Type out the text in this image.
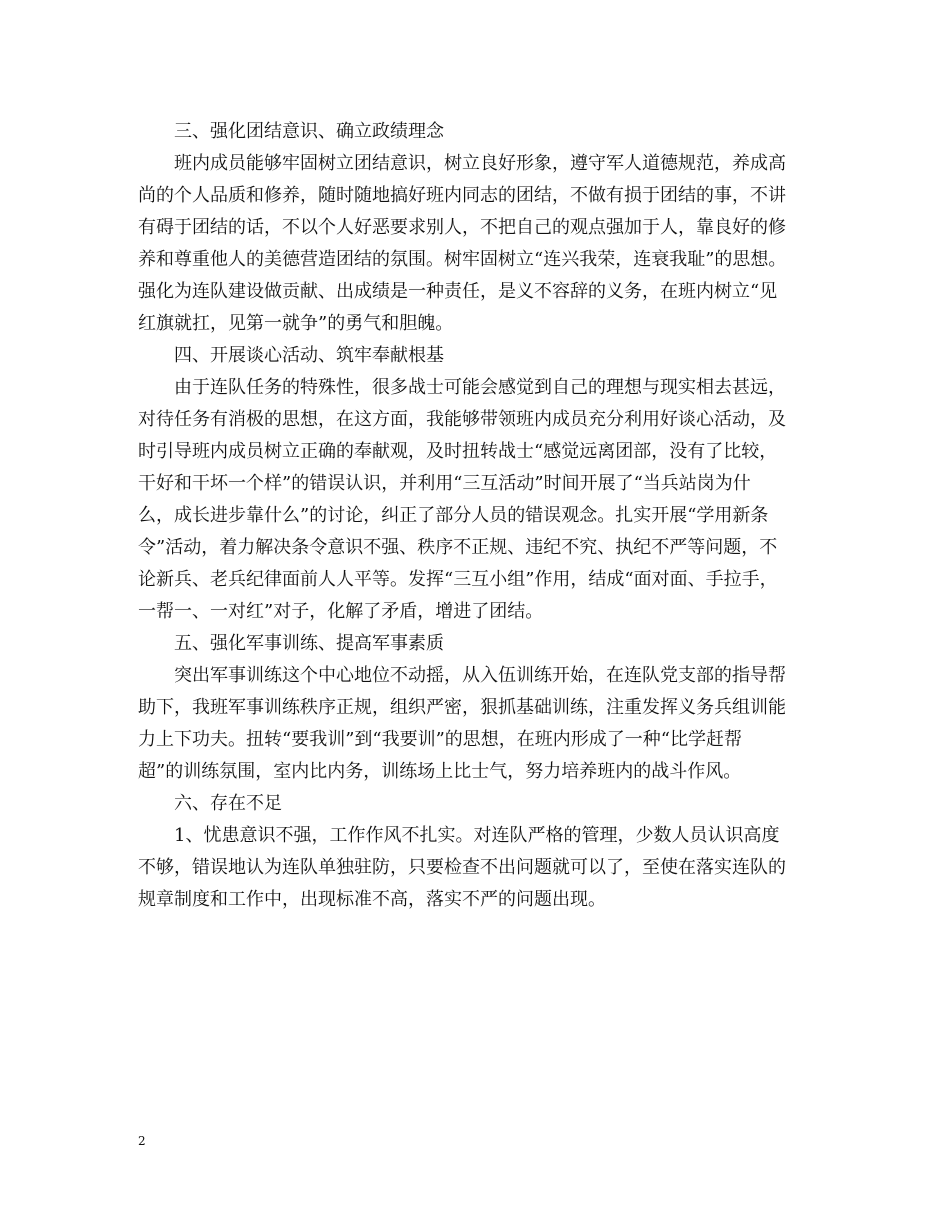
三、强化团结意识、确立政绩理念
班内成员能够牢固树立团结意识，树立良好形象，遵守军人道德规范，养成高
尚的个人品质和修养，随时随地搞好班内同志的团结，不做有损于团结的事，不讲
有碍于团结的话，不以个人好恶要求别人，不把自己的观点强加于人，靠良好的修
养和尊重他人的美德营造团结的氛围。树牢固树立“连兴我荣，连衰我耻”的思想。
强化为连队建设做贡献、出成绩是一种责任，是义不容辞的义务，在班内树立“见
红旗就扛，见第一就争”的勇气和胆魄。
四、开展谈心活动、筑牢奉献根基
由于连队任务的特殊性，很多战士可能会感觉到自己的理想与现实相去甚远，
对待任务有消极的思想，在这方面，我能够带领班内成员充分利用好谈心活动，及
时引导班内成员树立正确的奉献观，及时扭转战士“感觉远离团部，没有了比较，
干好和干坏一个样”的错误认识，并利用“三互活动”时间开展了“当兵站岗为什
么，成长进步靠什么”的讨论，纠正了部分人员的错误观念。扎实开展“学用新条
令”活动，着力解决条令意识不强、秩序不正规、违纪不究、执纪不严等问题，不
论新兵、老兵纪律面前人人平等。发挥“三互小组”作用，结成“面对面、手拉手，
一帮一、一对红”对子，化解了矛盾，增进了团结。
五、强化军事训练、提高军事素质
突出军事训练这个中心地位不动摇，从入伍训练开始，在连队党支部的指导帮
助下，我班军事训练秩序正规，组织严密，狠抓基础训练，注重发挥义务兵组训能
力上下功夫。扭转“要我训”到“我要训”的思想，在班内形成了一种“比学赶帮
超”的训练氛围，室内比内务，训练场上比士气，努力培养班内的战斗作风。
六、存在不足
1、忧患意识不强，工作作风不扎实。对连队严格的管理，少数人员认识高度
不够，错误地认为连队单独驻防，只要检查不出问题就可以了，至使在落实连队的
规章制度和工作中，出现标准不高，落实不严的问题出现。
2
